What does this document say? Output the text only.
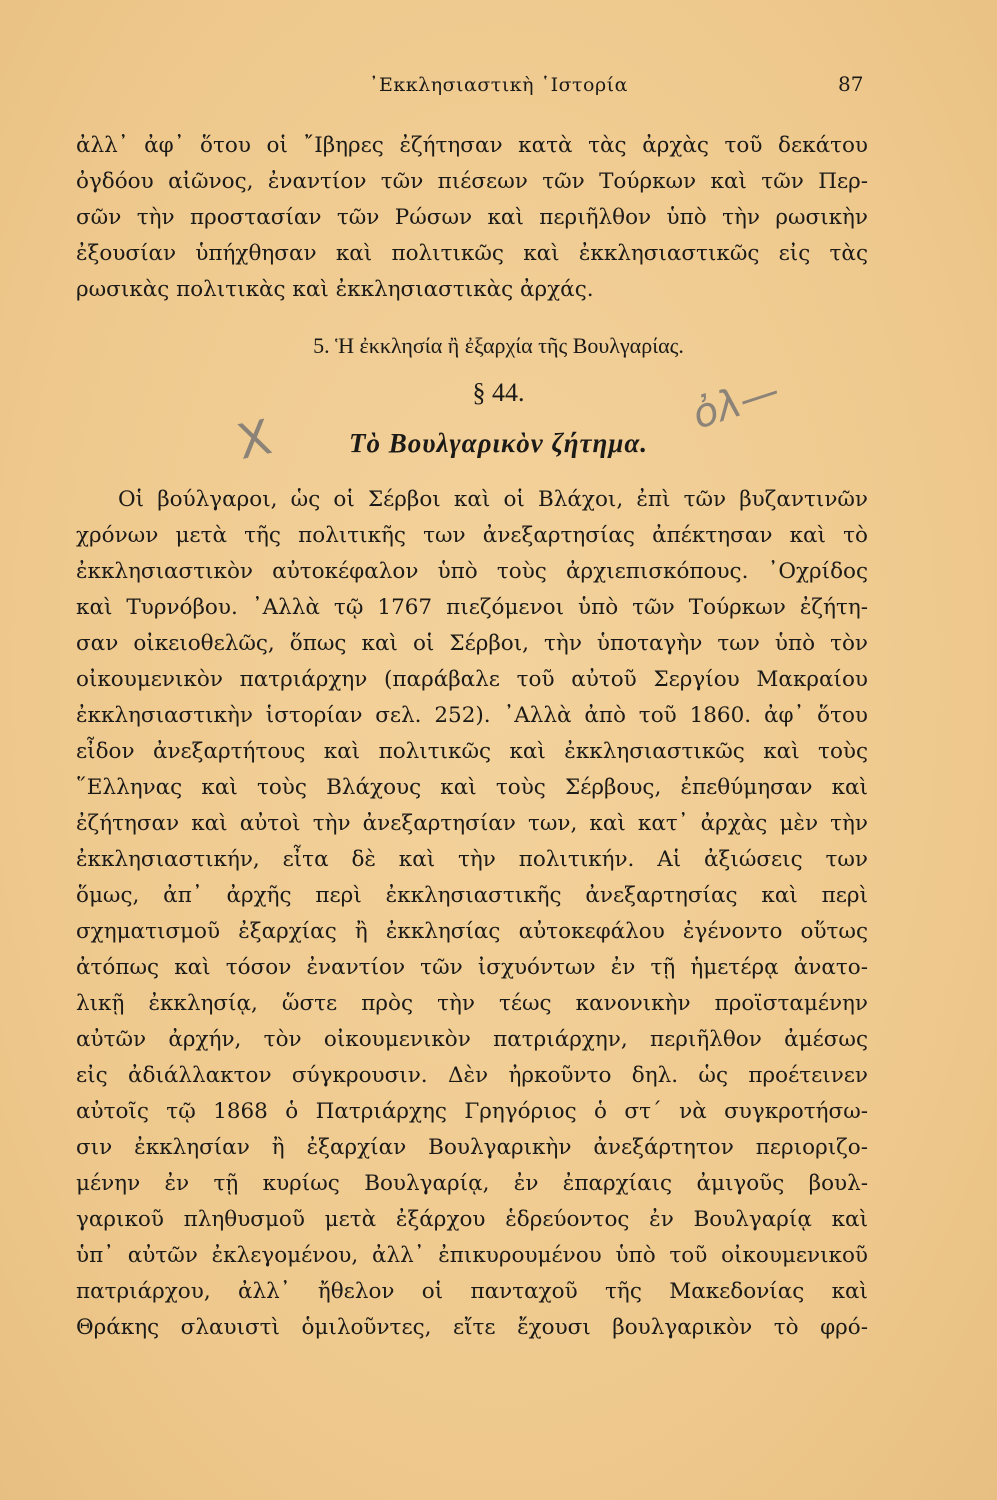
᾿Εκκλησιαστικὴ ῾Ιστορία	87
ἀλλ᾿ ἀφ᾿ ὅτου οἱ ῎Ιβηρες ἐζήτησαν κατὰ τὰς ἀρχὰς τοῦ δεκάτου
ὀγδόου αἰῶνος, ἐναντίον τῶν πιέσεων τῶν Τούρκων καὶ τῶν Περ-
σῶν τὴν προστασίαν τῶν Ρώσων καὶ περιῆλθον ὑπὸ τὴν ρωσικὴν
ἐξουσίαν ὑπήχθησαν καὶ πολιτικῶς καὶ ἐκκλησιαστικῶς εἰς τὰς
ρωσικὰς πολιτικὰς καὶ ἐκκλησιαστικὰς ἀρχάς.
5. Ἡ ἐκκλησία ἢ ἐξαρχία τῆς Βουλγαρίας.
§ 44.
Τὸ Βουλγαρικὸν ζήτημα.
X
ὀλ—
Οἱ βούλγαροι, ὡς οἱ Σέρβοι καὶ οἱ Βλάχοι, ἐπὶ τῶν βυζαντινῶν
χρόνων μετὰ τῆς πολιτικῆς των ἀνεξαρτησίας ἀπέκτησαν καὶ τὸ
ἐκκλησιαστικὸν αὐτοκέφαλον ὑπὸ τοὺς ἀρχιεπισκόπους. ᾿Οχρίδος
καὶ Τυρνόβου. ᾿Αλλὰ τῷ 1767 πιεζόμενοι ὑπὸ τῶν Τούρκων ἐζήτη-
σαν οἰκειοθελῶς, ὅπως καὶ οἱ Σέρβοι, τὴν ὑποταγὴν των ὑπὸ τὸν
οἰκουμενικὸν πατριάρχην (παράβαλε τοῦ αὐτοῦ Σεργίου Μακραίου
ἐκκλησιαστικὴν ἱστορίαν σελ. 252). ᾿Αλλὰ ἀπὸ τοῦ 1860. ἀφ᾿ ὅτου
εἶδον ἀνεξαρτήτους καὶ πολιτικῶς καὶ ἐκκλησιαστικῶς καὶ τοὺς
῞Ελληνας καὶ τοὺς Βλάχους καὶ τοὺς Σέρβους, ἐπεθύμησαν καὶ
ἐζήτησαν καὶ αὐτοὶ τὴν ἀνεξαρτησίαν των, καὶ κατ᾿ ἀρχὰς μὲν τὴν
ἐκκλησιαστικήν, εἶτα δὲ καὶ τὴν πολιτικήν. Αἱ ἀξιώσεις των
ὅμως, ἀπ᾿ ἀρχῆς περὶ ἐκκλησιαστικῆς ἀνεξαρτησίας καὶ περὶ
σχηματισμοῦ ἐξαρχίας ἢ ἐκκλησίας αὐτοκεφάλου ἐγένοντο οὕτως
ἀτόπως καὶ τόσον ἐναντίον τῶν ἰσχυόντων ἐν τῇ ἡμετέρᾳ ἀνατο-
λικῇ ἐκκλησίᾳ, ὥστε πρὸς τὴν τέως κανονικὴν προϊσταμένην
αὐτῶν ἀρχήν, τὸν οἰκουμενικὸν πατριάρχην, περιῆλθον ἀμέσως
εἰς ἀδιάλλακτον σύγκρουσιν. Δὲν ἠρκοῦντο δηλ. ὡς προέτεινεν
αὐτοῖς τῷ 1868 ὁ Πατριάρχης Γρηγόριος ὁ στ΄ νὰ συγκροτήσω-
σιν ἐκκλησίαν ἢ ἐξαρχίαν Βουλγαρικὴν ἀνεξάρτητον περιοριζο-
μένην ἐν τῇ κυρίως Βουλγαρίᾳ, ἐν ἐπαρχίαις ἀμιγοῦς βουλ-
γαρικοῦ πληθυσμοῦ μετὰ ἐξάρχου ἑδρεύοντος ἐν Βουλγαρίᾳ καὶ
ὑπ᾿ αὐτῶν ἐκλεγομένου, ἀλλ᾿ ἐπικυρουμένου ὑπὸ τοῦ οἰκουμενικοῦ
πατριάρχου, ἀλλ᾿ ἤθελον οἱ πανταχοῦ τῆς Μακεδονίας καὶ
Θράκης σλαυιστὶ ὁμιλοῦντες, εἴτε ἔχουσι βουλγαρικὸν τὸ φρό-
